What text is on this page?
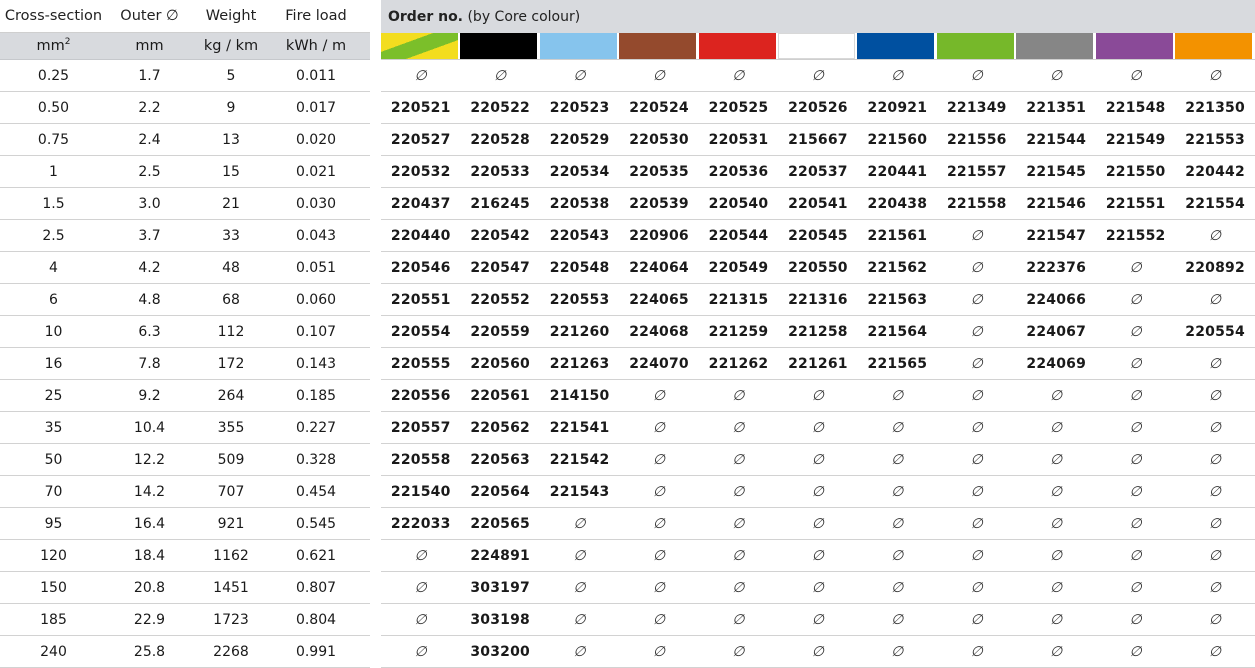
Cross-section	Outer ∅	Weight	Fire load
$mm^2$	mm	kg / km	kWh / m
0.25	1.7	5	0.011
0.50	2.2	9	0.017
0.75	2.4	13	0.020
1	2.5	15	0.021
1.5	3.0	21	0.030
2.5	3.7	33	0.043
4	4.2	48	0.051
6	4.8	68	0.060
10	6.3	112	0.107
16	7.8	172	0.143
25	9.2	264	0.185
35	10.4	355	0.227
50	12.2	509	0.328
70	14.2	707	0.454
95	16.4	921	0.545
120	18.4	1162	0.621
150	20.8	1451	0.807
185	22.9	1723	0.804
240	25.8	2268	0.991
Order no. (by Core colour)
∅	∅	∅	∅	∅	∅	∅	∅	∅	∅	∅
220521	220522	220523	220524	220525	220526	220921	221349	221351	221548	221350
220527	220528	220529	220530	220531	215667	221560	221556	221544	221549	221553
220532	220533	220534	220535	220536	220537	220441	221557	221545	221550	220442
220437	216245	220538	220539	220540	220541	220438	221558	221546	221551	221554
220440	220542	220543	220906	220544	220545	221561	∅	221547	221552	∅
220546	220547	220548	224064	220549	220550	221562	∅	222376	∅	220892
220551	220552	220553	224065	221315	221316	221563	∅	224066	∅	∅
220554	220559	221260	224068	221259	221258	221564	∅	224067	∅	220554
220555	220560	221263	224070	221262	221261	221565	∅	224069	∅	∅
220556	220561	214150	∅	∅	∅	∅	∅	∅	∅	∅
220557	220562	221541	∅	∅	∅	∅	∅	∅	∅	∅
220558	220563	221542	∅	∅	∅	∅	∅	∅	∅	∅
221540	220564	221543	∅	∅	∅	∅	∅	∅	∅	∅
222033	220565	∅	∅	∅	∅	∅	∅	∅	∅	∅
∅	224891	∅	∅	∅	∅	∅	∅	∅	∅	∅
∅	303197	∅	∅	∅	∅	∅	∅	∅	∅	∅
∅	303198	∅	∅	∅	∅	∅	∅	∅	∅	∅
∅	303200	∅	∅	∅	∅	∅	∅	∅	∅	∅
